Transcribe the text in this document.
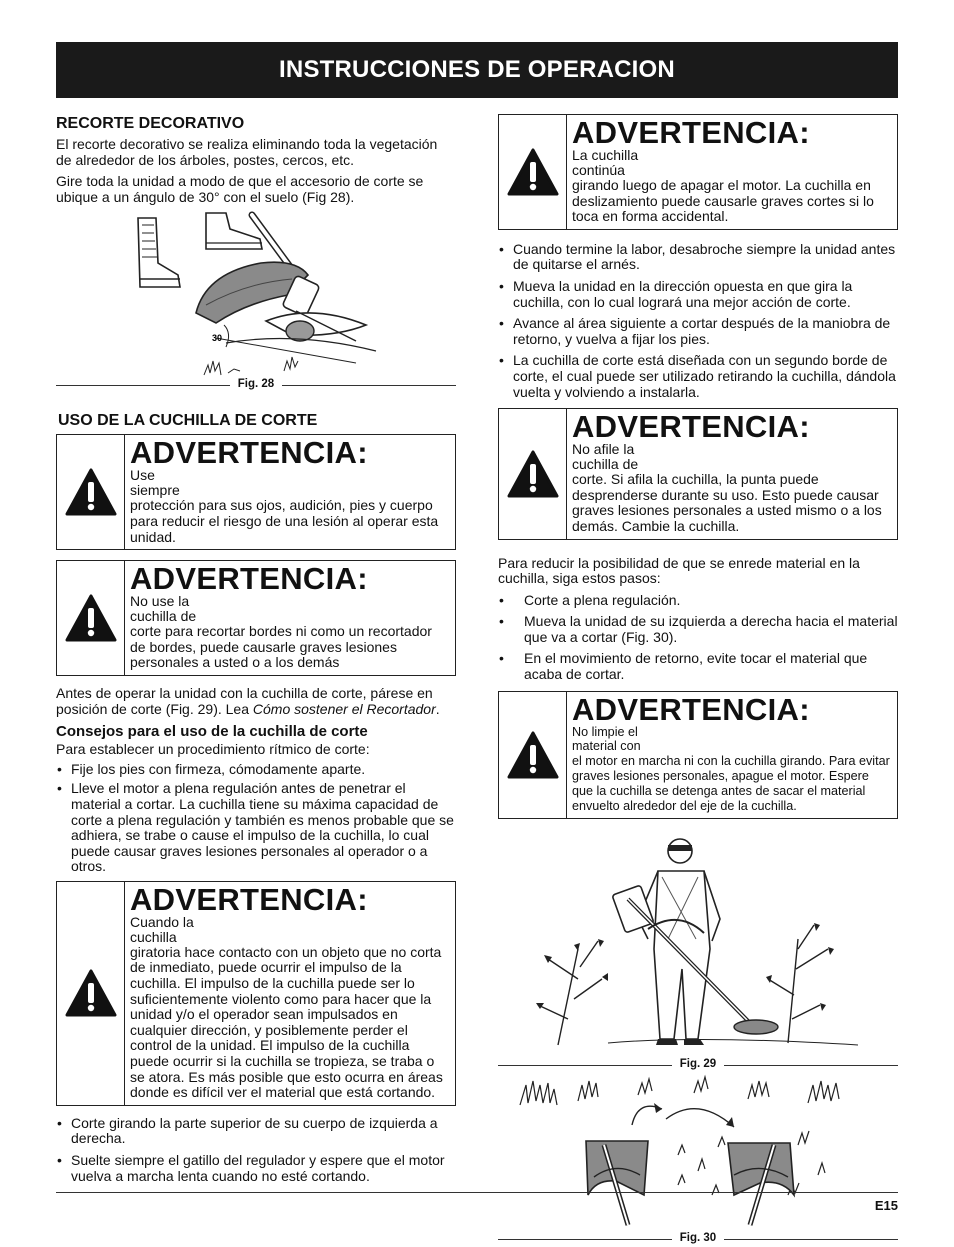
INSTRUCCIONES DE OPERACION
RECORTE DECORATIVO

El recorte decorativo se realiza eliminando toda la vegetación de alrededor de los árboles, postes, cercos, etc.

Gire toda la unidad a modo de que el accesorio de corte se ubique a un ángulo de 30° con el suelo (Fig 28).

30
Fig. 28
USO DE LA CUCHILLA DE CORTE
ADVERTENCIA:
Use siempre
protección para sus ojos, audición, pies y cuerpo para reducir el riesgo de una lesión al operar esta unidad.
ADVERTENCIA:
No use la cuchilla de
corte para recortar bordes ni como un recortador de bordes, puede causarle graves lesiones personales a usted o a los demás

Antes de operar la unidad con la cuchilla de corte, párese en posición de corte (Fig. 29). Lea Cómo sostener el Recortador.

Consejos para el uso de la cuchilla de corte

Para establecer un procedimiento rítmico de corte:

• Fije los pies con firmeza, cómodamente aparte.
• Lleve el motor a plena regulación antes de penetrar el material a cortar. La cuchilla tiene su máxima capacidad de corte a plena regulación y también es menos probable que se adhiera, se trabe o cause el impulso de la cuchilla, lo cual puede causar graves lesiones personales al operador o a otros.
ADVERTENCIA:
Cuando la cuchilla
giratoria hace contacto con un objeto que no corta de inmediato, puede ocurrir el impulso de la cuchilla. El impulso de la cuchilla puede ser lo suficientemente violento como para hacer que la unidad y/o el operador sean impulsados en cualquier dirección, y posiblemente perder el control de la unidad. El impulso de la cuchilla puede ocurrir si la cuchilla se tropieza, se traba o se atora. Es más posible que esto ocurra en áreas donde es difícil ver el material que está cortando.
• Corte girando la parte superior de su cuerpo de izquierda a derecha.
• Suelte siempre el gatillo del regulador y espere que el motor vuelva a marcha lenta cuando no esté cortando.
ADVERTENCIA:
La cuchilla continúa
girando luego de apagar el motor. La cuchilla en deslizamiento puede causarle graves cortes si lo toca en forma accidental.
• Cuando termine la labor, desabroche siempre la unidad antes de quitarse el arnés.
• Mueva la unidad en la dirección opuesta en que gira la cuchilla, con lo cual logrará una mejor acción de corte.
• Avance al área siguiente a cortar después de la maniobra de retorno, y vuelva a fijar los pies.
• La cuchilla de corte está diseñada con un segundo borde de corte, el cual puede ser utilizado retirando la cuchilla, dándola vuelta y volviendo a instalarla.
ADVERTENCIA:
No afile la cuchilla de
corte. Si afila la cuchilla, la punta puede desprenderse durante su uso. Esto puede causar graves lesiones personales a usted mismo o a los demás. Cambie la cuchilla.

Para reducir la posibilidad de que se enrede material en la cuchilla, siga estos pasos:

• Corte a plena regulación.
• Mueva la unidad de su izquierda a derecha hacia el material que va a cortar (Fig. 30).
• En el movimiento de retorno, evite tocar el material que acaba de cortar.
ADVERTENCIA:
No limpie el material con
el motor en marcha ni con la cuchilla girando. Para evitar graves lesiones personales, apague el motor. Espere que la cuchilla se detenga antes de sacar el material envuelto alrededor del eje de la cuchilla.
Fig. 29
Fig. 30
E15
